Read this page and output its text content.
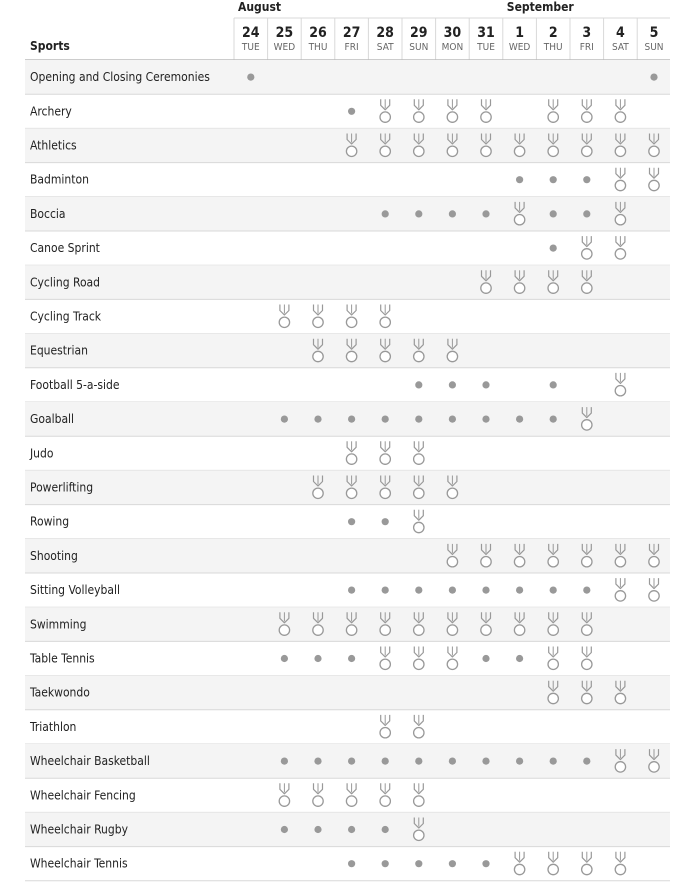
August	September
24
TUE
25
WED
26
THU
27
FRI
28
SAT
29
SUN
30
MON
31
TUE
1
WED
2
THU
3
FRI
4
SAT
5
SUN
Sports
Opening and Closing Ceremonies
Archery
Athletics
Badminton
Boccia
Canoe Sprint
Cycling Road
Cycling Track
Equestrian
Football 5-a-side
Goalball
Judo
Powerlifting
Rowing
Shooting
Sitting Volleyball
Swimming
Table Tennis
Taekwondo
Triathlon
Wheelchair Basketball
Wheelchair Fencing
Wheelchair Rugby
Wheelchair Tennis
